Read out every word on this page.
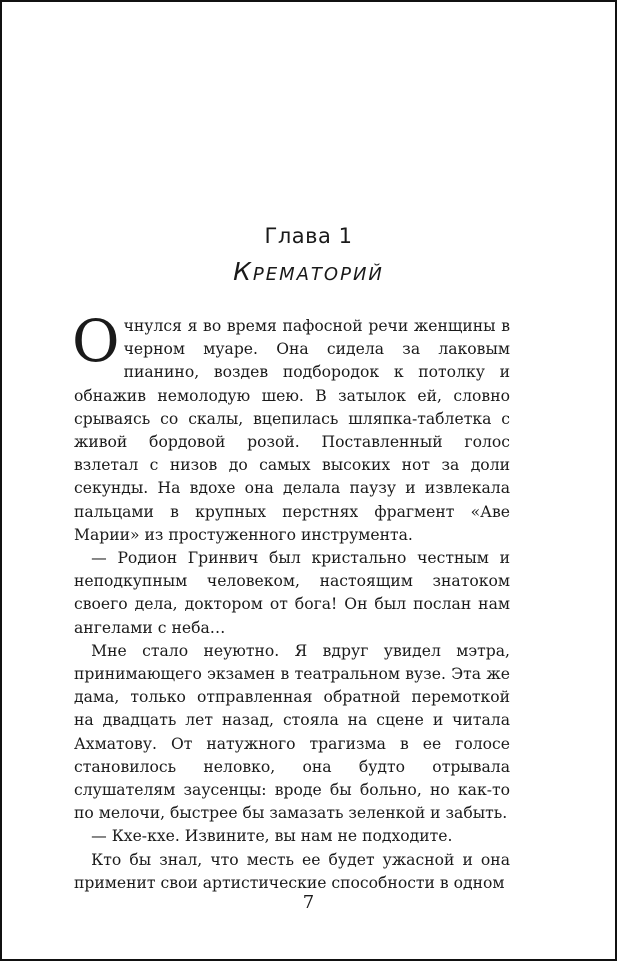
Глава 1
Крематорий

Очнулся я во время пафосной речи женщины в черном муаре. Она сидела за лаковым пианино, воздев подбородок к потолку и обнажив немолодую шею. В затылок ей, словно срываясь со скалы, вцепилась шляпка-таблетка с живой бордовой розой. Поставленный голос взлетал с низов до самых высоких нот за доли секунды. На вдохе она делала паузу и извлекала пальцами в крупных перстнях фрагмент «Аве Марии» из простуженного инструмента.

— Родион Гринвич был кристально честным и неподкупным человеком, настоящим знатоком своего дела, доктором от бога! Он был послан нам ангелами с неба…

Мне стало неуютно. Я вдруг увидел мэтра, принимающего экзамен в театральном вузе. Эта же дама, только отправленная обратной перемоткой на двадцать лет назад, стояла на сцене и читала Ахматову. От натужного трагизма в ее голосе становилось неловко, она будто отрывала слушателям заусенцы: вроде бы больно, но как-то по мелочи, быстрее бы замазать зеленкой и забыть.

— Кхе-кхе. Извините, вы нам не подходите.

Кто бы знал, что месть ее будет ужасной и она применит свои артистические способности в одном

7
